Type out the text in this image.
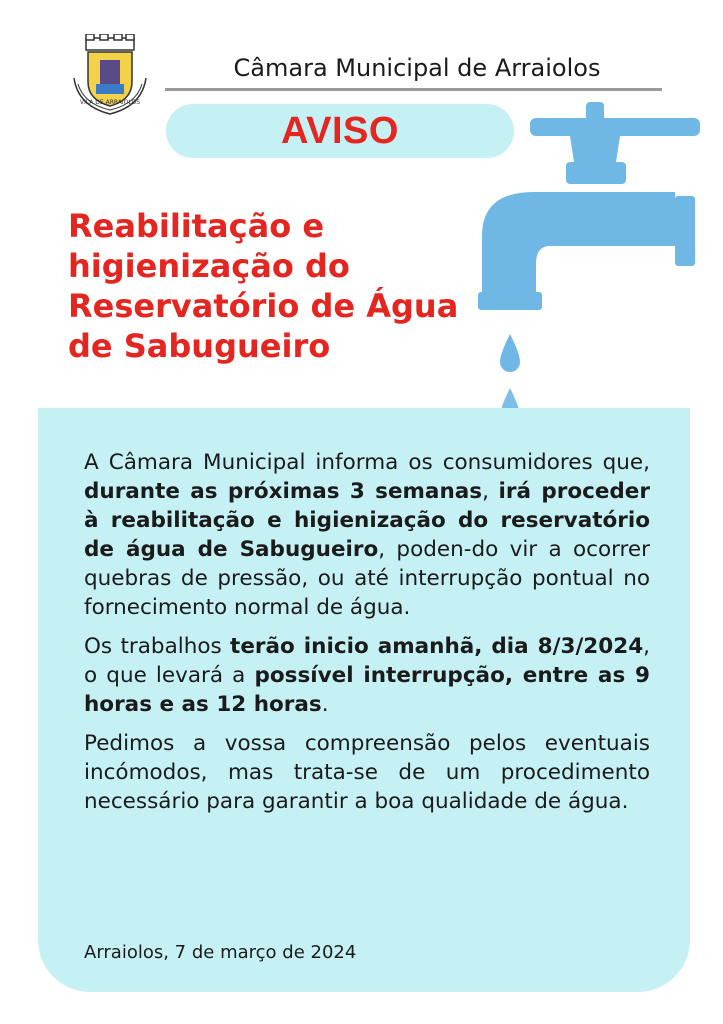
VILA DE ARRAIOLOS
Câmara Municipal de Arraiolos
AVISO
Reabilitação e
higienização do
Reservatório de Água
de Sabugueiro

A Câmara Municipal informa os consumidores que, durante as próximas 3 semanas, irá proceder à reabilitação e higienização do reservatório de água de Sabugueiro, poden-do vir a ocorrer quebras de pressão, ou até interrupção pontual no fornecimento normal de água.

Os trabalhos terão inicio amanhã, dia 8/3/2024, o que levará a possível interrupção, entre as 9 horas e as 12 horas.

Pedimos a vossa compreensão pelos eventuais incómodos, mas trata-se de um procedimento necessário para garantir a boa qualidade de água.

Arraiolos, 7 de março de 2024
